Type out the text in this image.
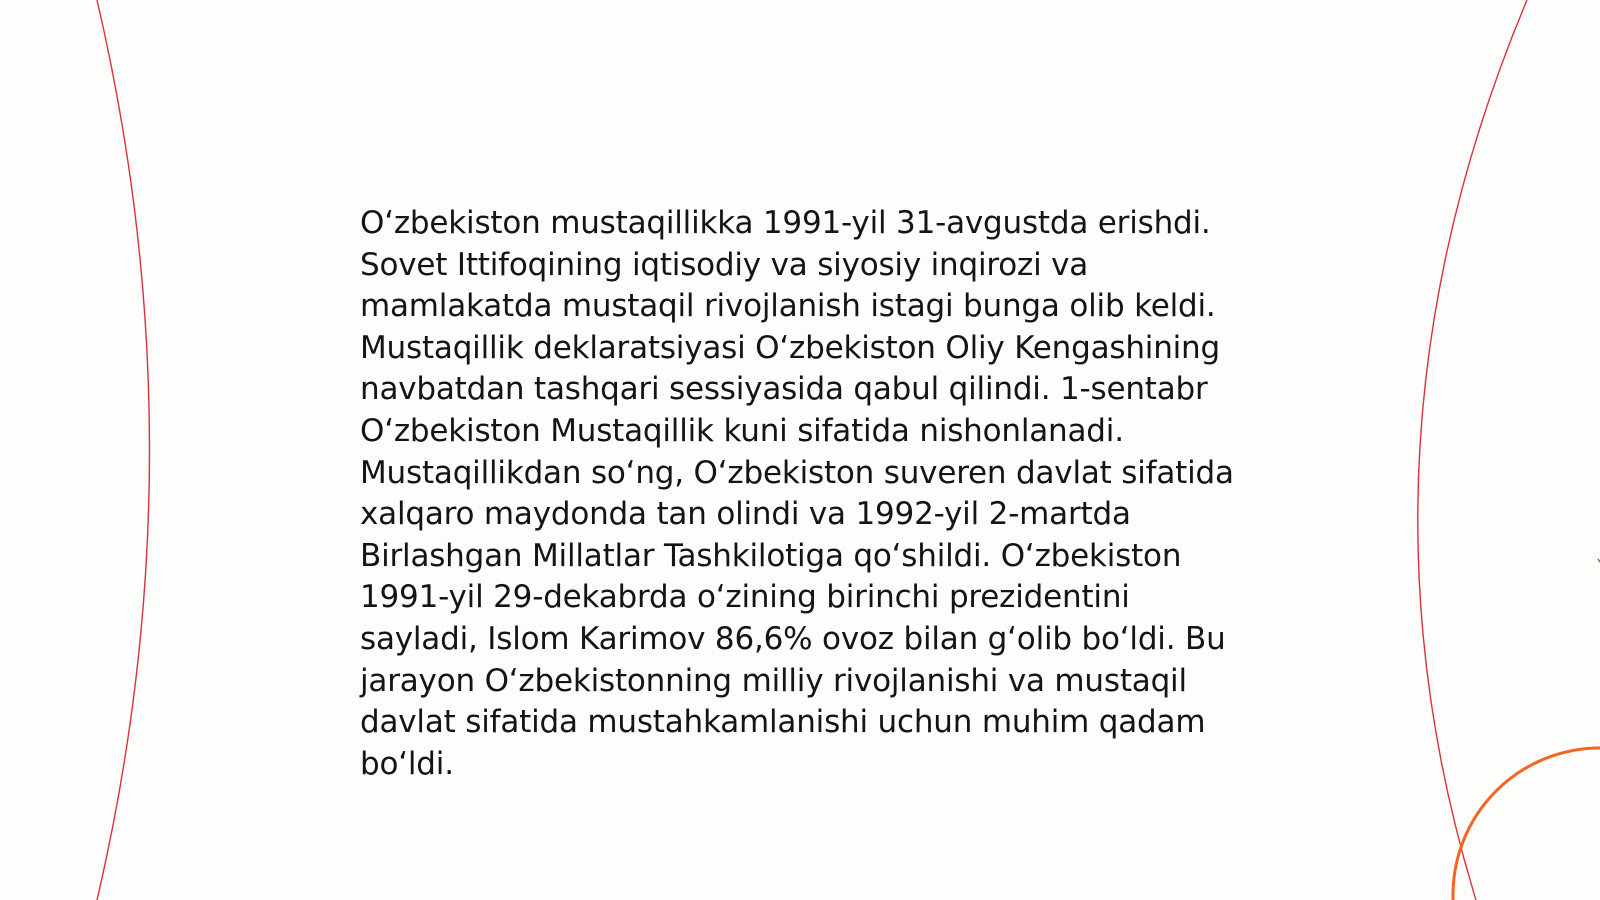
O‘zbekiston mustaqillikka 1991-yil 31-avgustda erishdi. Sovet Ittifoqining iqtisodiy va siyosiy inqirozi va mamlakatda mustaqil rivojlanish istagi bunga olib keldi. Mustaqillik deklaratsiyasi O‘zbekiston Oliy Kengashining navbatdan tashqari sessiyasida qabul qilindi. 1-sentabr O‘zbekiston Mustaqillik kuni sifatida nishonlanadi. Mustaqillikdan so‘ng, O‘zbekiston suveren davlat sifatida xalqaro maydonda tan olindi va 1992-yil 2-martda Birlashgan Millatlar Tashkilotiga qo‘shildi. O‘zbekiston 1991-yil 29-dekabrda o‘zining birinchi prezidentini sayladi, Islom Karimov 86,6% ovoz bilan g‘olib bo‘ldi. Bu jarayon O‘zbekistonning milliy rivojlanishi va mustaqil davlat sifatida mustahkamlanishi uchun muhim qadam bo‘ldi.
